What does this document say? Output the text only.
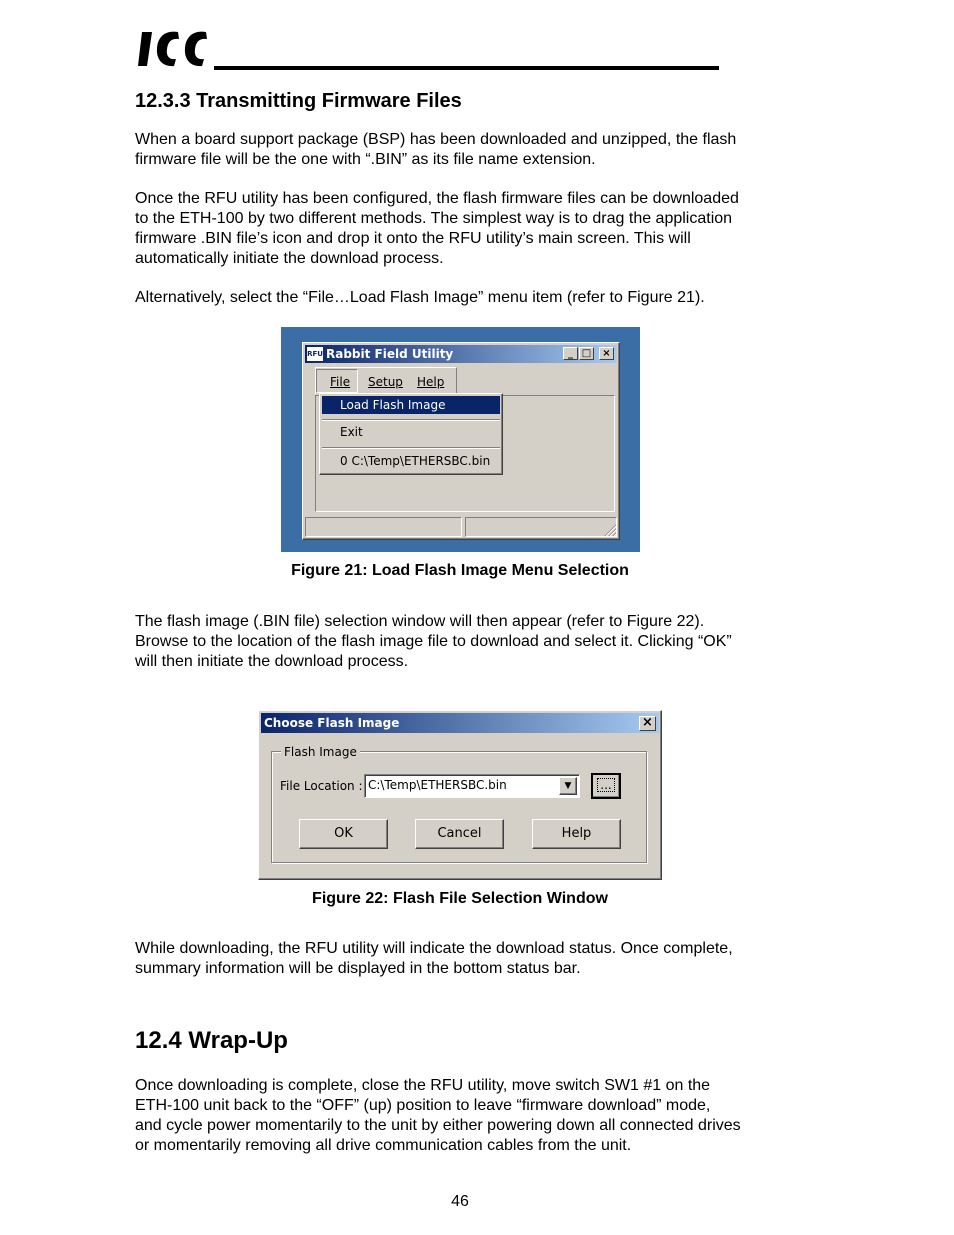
12.3.3 Transmitting Firmware Files

When a board support package (BSP) has been downloaded and unzipped, the flash

firmware file will be the one with “.BIN” as its file name extension.

Once the RFU utility has been configured, the flash firmware files can be downloaded

to the ETH-100 by two different methods. The simplest way is to drag the application

firmware .BIN file’s icon and drop it onto the RFU utility’s main screen. This will

automatically initiate the download process.

Alternatively, select the “File…Load Flash Image” menu item (refer to Figure 21).

RFU Rabbit Field Utility	_ □	×
File Setup Help
Load Flash Image
Exit
0 C:\Temp\ETHERSBC.bin

Figure 21: Load Flash Image Menu Selection

The flash image (.BIN file) selection window will then appear (refer to Figure 22).

Browse to the location of the flash image file to download and select it. Clicking “OK”

will then initiate the download process.

Choose Flash Image	×
Flash Image
File Location : C:\Temp\ETHERSBC.bin	▼	...
OK	Cancel	Help

Figure 22: Flash File Selection Window

While downloading, the RFU utility will indicate the download status. Once complete,

summary information will be displayed in the bottom status bar.

12.4 Wrap-Up

Once downloading is complete, close the RFU utility, move switch SW1 #1 on the

ETH-100 unit back to the “OFF” (up) position to leave “firmware download” mode,

and cycle power momentarily to the unit by either powering down all connected drives

or momentarily removing all drive communication cables from the unit.

46
